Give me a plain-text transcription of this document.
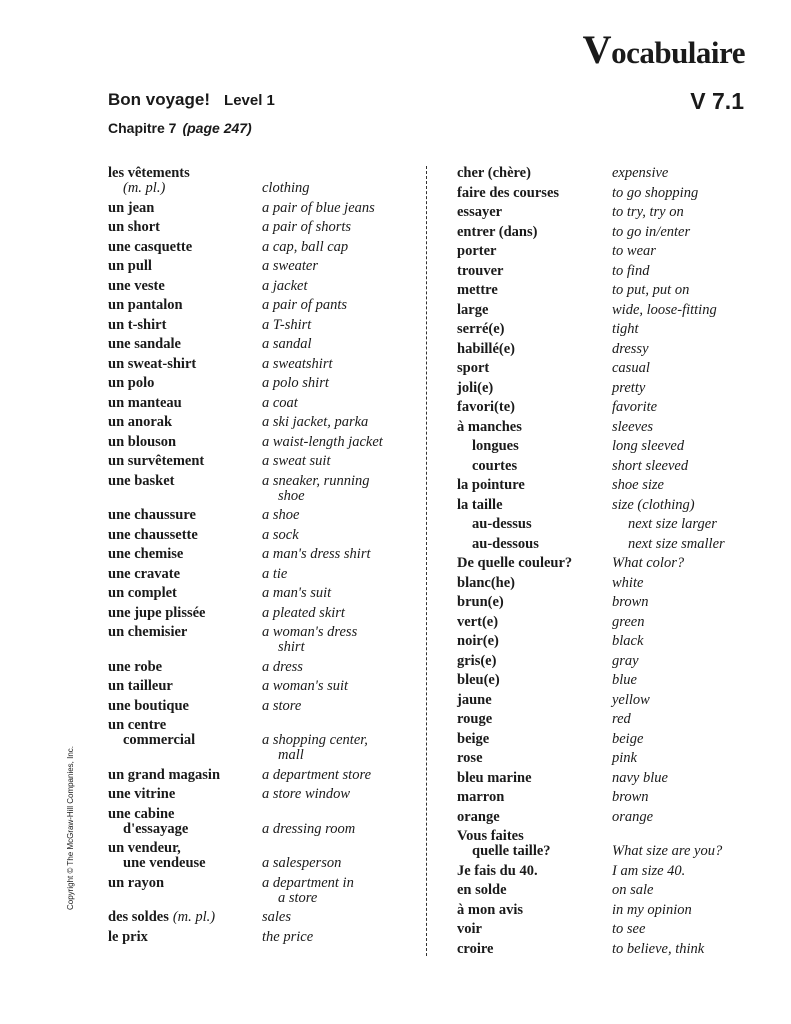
Vocabulaire
V 7.1
Bon voyage! Level 1
Chapitre 7 (page 247)
Copyright © The McGraw-Hill Companies, Inc.
les vêtements
(m. pl.)
	clothing
un jean	a pair of blue jeans
un short	a pair of shorts
une casquette	a cap, ball cap
un pull	a sweater
une veste	a jacket
un pantalon	a pair of pants
un t-shirt	a T-shirt
une sandale	a sandal
un sweat-shirt	a sweatshirt
un polo	a polo shirt
un manteau	a coat
un anorak	a ski jacket, parka
un blouson	a waist-length jacket
un survêtement	a sweat suit
une basket	a sneaker, running
shoe
une chaussure	a shoe
une chaussette	a sock
une chemise	a man's dress shirt
une cravate	a tie
un complet	a man's suit
une jupe plissée	a pleated skirt
un chemisier	a woman's dress
shirt
une robe	a dress
un tailleur	a woman's suit
une boutique	a store
un centre
commercial
	a shopping center,
mall
un grand magasin	a department store
une vitrine	a store window
une cabine
d'essayage
	a dressing room
un vendeur,
une vendeuse
	a salesperson
un rayon	a department in
a store
des soldes (m. pl.)	sales
le prix	the price
cher (chère)	expensive
faire des courses	to go shopping
essayer	to try, try on
entrer (dans)	to go in/enter
porter	to wear
trouver	to find
mettre	to put, put on
large	wide, loose-fitting
serré(e)	tight
habillé(e)	dressy
sport	casual
joli(e)	pretty
favori(te)	favorite
à manches	sleeves
longues	long sleeved
courtes	short sleeved
la pointure	shoe size
la taille	size (clothing)
au-dessus	next size larger
au-dessous	next size smaller
De quelle couleur?	What color?
blanc(he)	white
brun(e)	brown
vert(e)	green
noir(e)	black
gris(e)	gray
bleu(e)	blue
jaune	yellow
rouge	red
beige	beige
rose	pink
bleu marine	navy blue
marron	brown
orange	orange
Vous faites
quelle taille?
	What size are you?
Je fais du 40.	I am size 40.
en solde	on sale
à mon avis	in my opinion
voir	to see
croire	to believe, think
